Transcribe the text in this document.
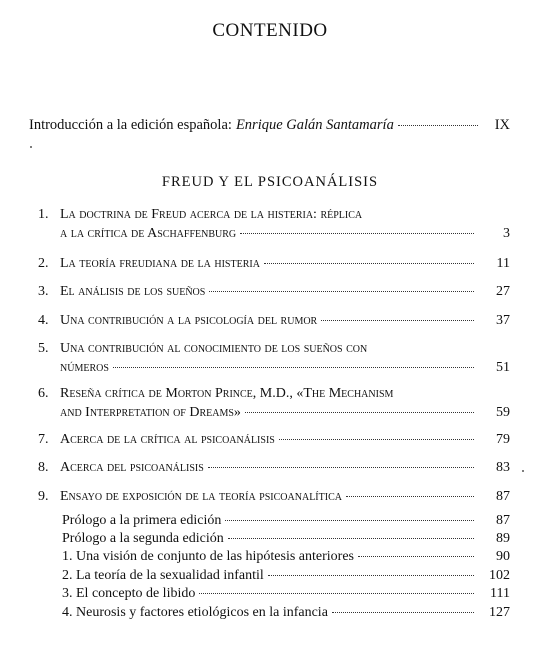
CONTENIDO
Introducción a la edición española: Enrique Galán Santamaría	IX
FREUD Y EL PSICOANÁLISIS
1. La doctrina de Freud acerca de la histeria: réplica
a la crítica de Aschaffenburg	3
2. La teoría freudiana de la histeria	11
3. El análisis de los sueños	27
4. Una contribución a la psicología del rumor	37
5. Una contribución al conocimiento de los sueños con
números	51
6. Reseña crítica de Morton Prince, M.D., «The Mechanism
and Interpretation of Dreams»	59
7. Acerca de la crítica al psicoanálisis	79
8. Acerca del psicoanálisis	83
9. Ensayo de exposición de la teoría psicoanalítica	87
Prólogo a la primera edición	87
Prólogo a la segunda edición	89
1. Una visión de conjunto de las hipótesis anteriores	90
2. La teoría de la sexualidad infantil	102
3. El concepto de libido	111
4. Neurosis y factores etiológicos en la infancia	127
